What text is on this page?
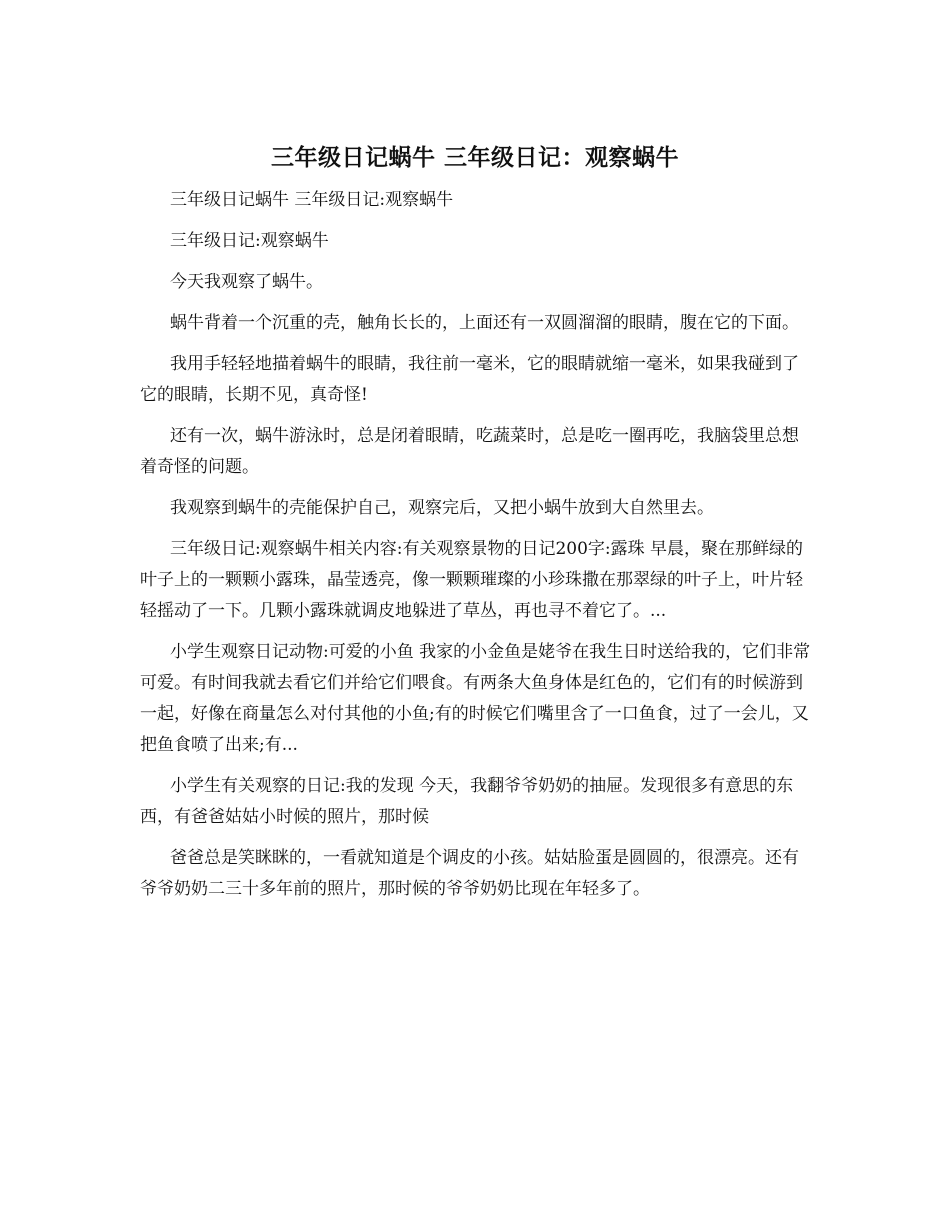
三年级日记蜗牛 三年级日记：观察蜗牛

三年级日记蜗牛 三年级日记:观察蜗牛

三年级日记:观察蜗牛

今天我观察了蜗牛。

蜗牛背着一个沉重的壳，触角长长的，上面还有一双圆溜溜的眼睛，腹在它的下面。

我用手轻轻地描着蜗牛的眼睛，我往前一毫米，它的眼睛就缩一毫米，如果我碰到了它的眼睛，长期不见，真奇怪!

还有一次，蜗牛游泳时，总是闭着眼睛，吃蔬菜时，总是吃一圈再吃，我脑袋里总想着奇怪的问题。

我观察到蜗牛的壳能保护自己，观察完后，又把小蜗牛放到大自然里去。

三年级日记:观察蜗牛相关内容:有关观察景物的日记200字:露珠 早晨，聚在那鲜绿的叶子上的一颗颗小露珠，晶莹透亮，像一颗颗璀璨的小珍珠撒在那翠绿的叶子上，叶片轻轻摇动了一下。几颗小露珠就调皮地躲进了草丛，再也寻不着它了。...

小学生观察日记动物:可爱的小鱼 我家的小金鱼是姥爷在我生日时送给我的，它们非常可爱。有时间我就去看它们并给它们喂食。有两条大鱼身体是红色的，它们有的时候游到一起，好像在商量怎么对付其他的小鱼;有的时候它们嘴里含了一口鱼食，过了一会儿，又把鱼食喷了出来;有...

小学生有关观察的日记:我的发现 今天，我翻爷爷奶奶的抽屉。发现很多有意思的东西，有爸爸姑姑小时候的照片，那时候

爸爸总是笑眯眯的，一看就知道是个调皮的小孩。姑姑脸蛋是圆圆的，很漂亮。还有爷爷奶奶二三十多年前的照片，那时候的爷爷奶奶比现在年轻多了。
